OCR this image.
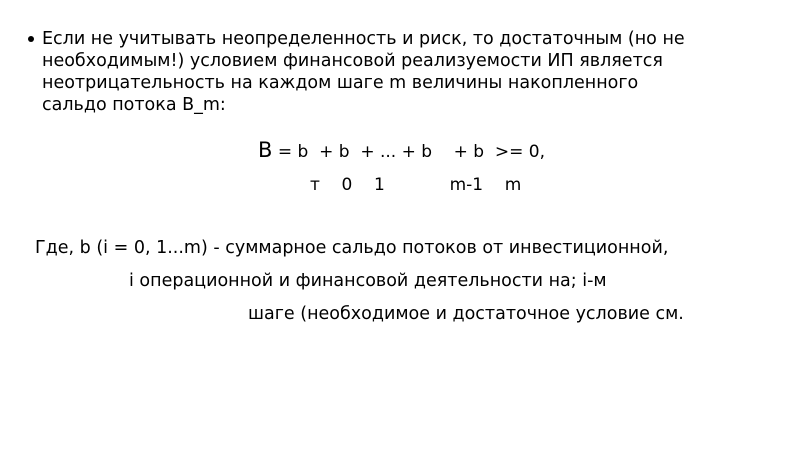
Если не учитывать неопределенность и риск, то достаточным (но не
необходимым!) условием финансовой реализуемости ИП является
неотрицательность на каждом шаге m величины накопленного
сальдо потока B_m:
В = b  + b  + ... + b    + b  >= 0,
т    0    1            m-1    m
Где, b (i = 0, 1...m) - суммарное сальдо потоков от инвестиционной,
i операционной и финансовой деятельности на; i-м
шаге (необходимое и достаточное условие см.
